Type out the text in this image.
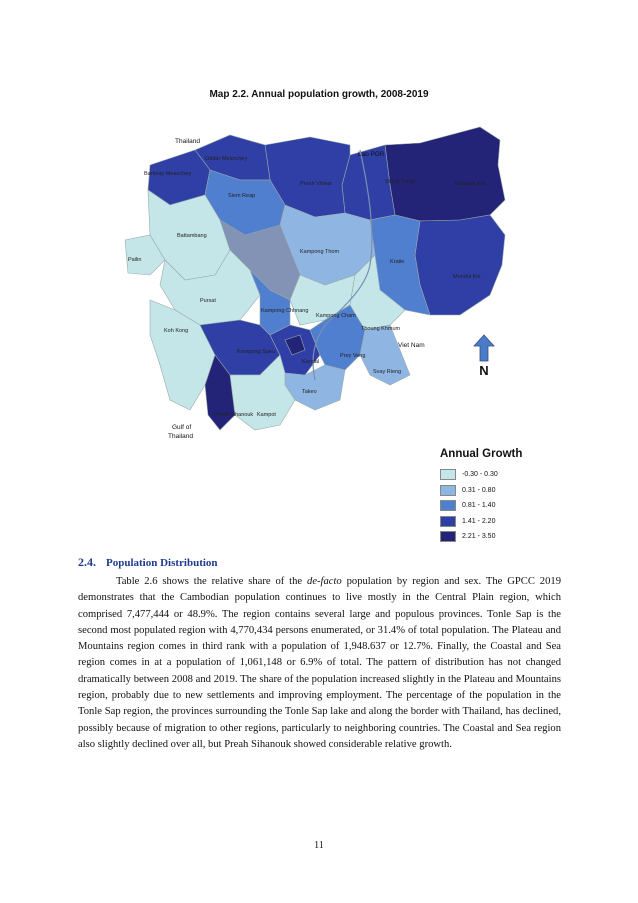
Map 2.2. Annual population growth, 2008-2019
Thailand
Lao PDR
Viet Nam
Gulf of
Thailand
Oddar Meanchey
Banteay Meanchey
Siem Reap
Preah Vihear	Stung Treng	Ratanak Kiri
Battambang
Pailin
Kampong Thom
Kratie
Mondul Kiri
Pursat
Kampong Chhnang
Kampong Cham
Tboung Khmum
Koh Kong
Kampong Speu
Kandal
Prey Veng
Svay Rieng
Takeo
Preah Sihanouk Kampot
N
Annual Growth
-0.30 - 0.30
0.31 - 0.80
0.81 - 1.40
1.41 - 2.20
2.21 - 3.50
2.4. Population Distribution
Table 2.6 shows the relative share of the de-facto population by region and sex. The GPCC 2019 demonstrates that the Cambodian population continues to live mostly in the Central Plain region, which comprised 7,477,444 or 48.9%. The region contains several large and populous provinces. Tonle Sap is the second most populated region with 4,770,434 persons enumerated, or 31.4% of total population. The Plateau and Mountains region comes in third rank with a population of 1,948.637 or 12.7%. Finally, the Coastal and Sea region comes in at a population of 1,061,148 or 6.9% of total. The pattern of distribution has not changed dramatically between 2008 and 2019. The share of the population increased slightly in the Plateau and Mountains region, probably due to new settlements and improving employment. The percentage of the population in the Tonle Sap region, the provinces surrounding the Tonle Sap lake and along the border with Thailand, has declined, possibly because of migration to other regions, particularly to neighboring countries. The Coastal and Sea region also slightly declined over all, but Preah Sihanouk showed considerable relative growth.
11
